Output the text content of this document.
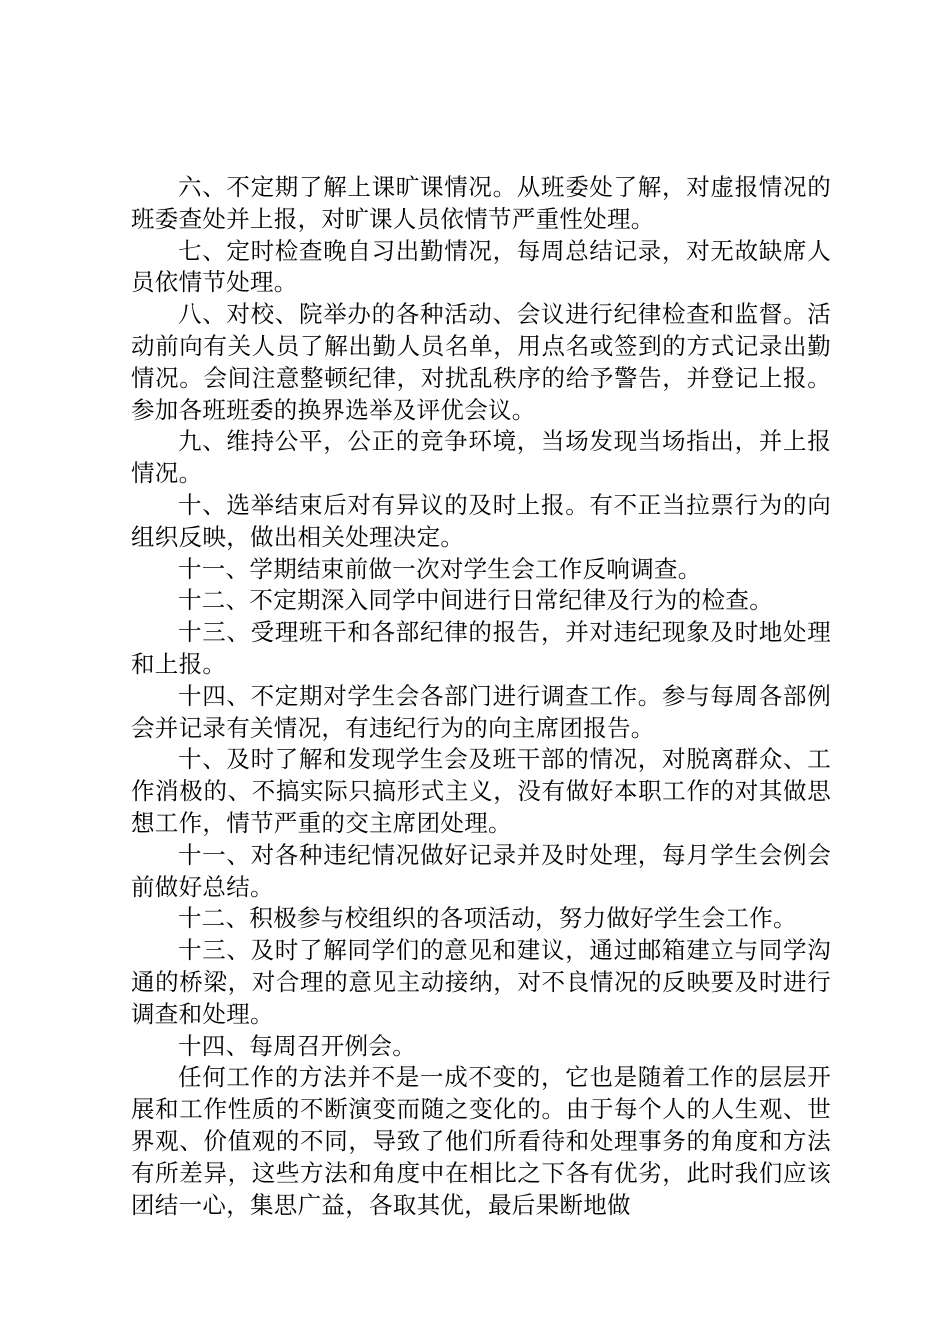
六、不定期了解上课旷课情况。从班委处了解，对虚报情况的班委查处并上报，对旷课人员依情节严重性处理。

七、定时检查晚自习出勤情况，每周总结记录，对无故缺席人员依情节处理。

八、对校、院举办的各种活动、会议进行纪律检查和监督。活动前向有关人员了解出勤人员名单，用点名或签到的方式记录出勤情况。会间注意整顿纪律，对扰乱秩序的给予警告，并登记上报。参加各班班委的换界选举及评优会议。

九、维持公平，公正的竞争环境，当场发现当场指出，并上报情况。

十、选举结束后对有异议的及时上报。有不正当拉票行为的向组织反映，做出相关处理决定。

十一、学期结束前做一次对学生会工作反响调查。

十二、不定期深入同学中间进行日常纪律及行为的检查。

十三、受理班干和各部纪律的报告，并对违纪现象及时地处理和上报。

十四、不定期对学生会各部门进行调查工作。参与每周各部例会并记录有关情况，有违纪行为的向主席团报告。

十、及时了解和发现学生会及班干部的情况，对脱离群众、工作消极的、不搞实际只搞形式主义，没有做好本职工作的对其做思想工作，情节严重的交主席团处理。

十一、对各种违纪情况做好记录并及时处理，每月学生会例会前做好总结。

十二、积极参与校组织的各项活动，努力做好学生会工作。

十三、及时了解同学们的意见和建议，通过邮箱建立与同学沟通的桥梁，对合理的意见主动接纳，对不良情况的反映要及时进行调查和处理。

十四、每周召开例会。

任何工作的方法并不是一成不变的，它也是随着工作的层层开展和工作性质的不断演变而随之变化的。由于每个人的人生观、世界观、价值观的不同，导致了他们所看待和处理事务的角度和方法有所差异，这些方法和角度中在相比之下各有优劣，此时我们应该团结一心，集思广益，各取其优，最后果断地做
